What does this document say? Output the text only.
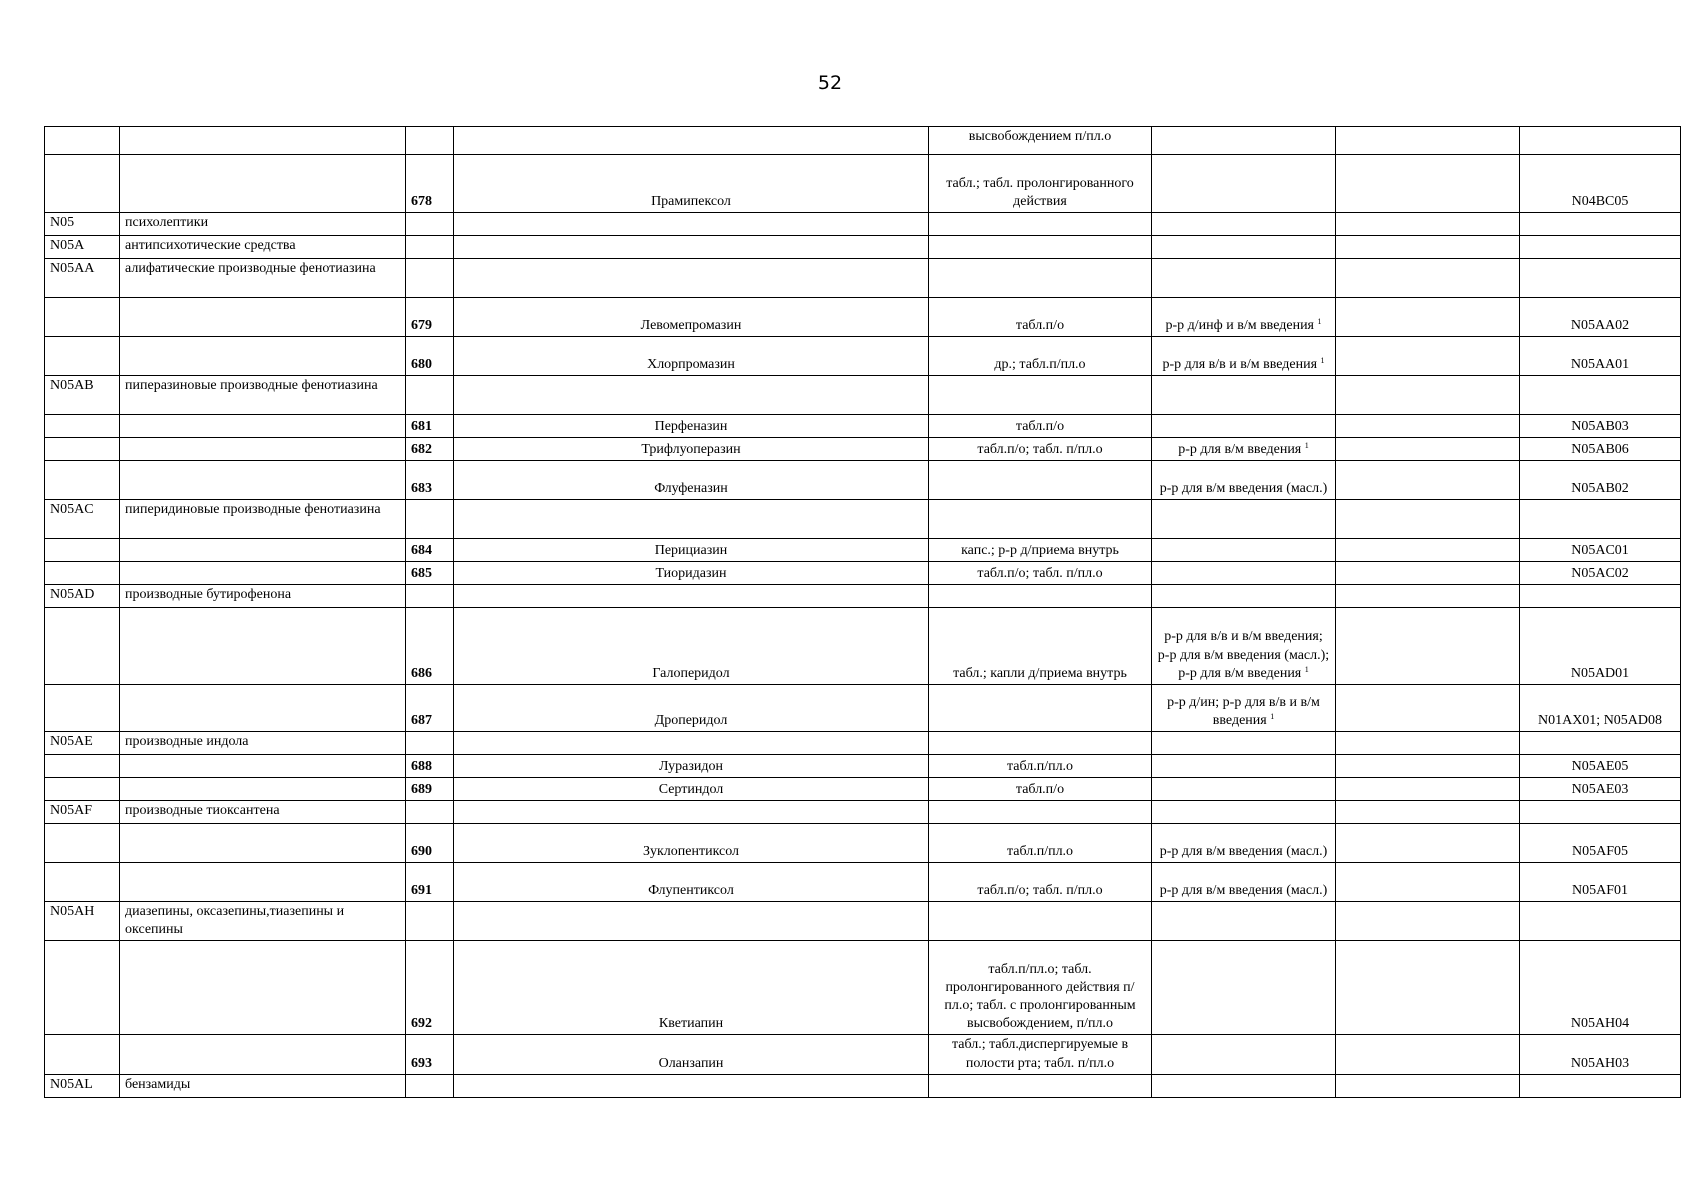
52
				высвобождением п/пл.о			
		678	Прамипексол	табл.; табл. пролонгированного действия			N04BC05
N05	психолептики						
N05A	антипсихотические средства						
N05AA	алифатические производные фенотиазина						
		679	Левомепромазин	табл.п/о	р-р д/инф и в/м введения $^1$		N05AA02
		680	Хлорпромазин	др.; табл.п/пл.о	р-р для в/в и в/м введения $^1$		N05AA01
N05AB	пиперазиновые производные фенотиазина						
		681	Перфеназин	табл.п/о			N05AB03
		682	Трифлуоперазин	табл.п/о; табл. п/пл.о	р-р для в/м введения $^1$		N05AB06
		683	Флуфеназин		р-р для в/м введения (масл.)		N05AB02
N05AC	пиперидиновые производные фенотиазина						
		684	Перициазин	капс.; р-р д/приема внутрь			N05AC01
		685	Тиоридазин	табл.п/о; табл. п/пл.о			N05AC02
N05AD	производные бутирофенона						
		686	Галоперидол	табл.; капли д/приема внутрь	р-р для в/в и в/м введения; р-р для в/м введения (масл.); р-р для в/м введения $^1$		N05AD01
		687	Дроперидол		р-р д/ин; р-р для в/в и в/м введения $^1$		N01AX01; N05AD08
N05AE	производные индола						
		688	Луразидон	табл.п/пл.о			N05AE05
		689	Сертиндол	табл.п/о			N05AE03
N05AF	производные тиоксантена						
		690	Зуклопентиксол	табл.п/пл.о	р-р для в/м введения (масл.)		N05AF05
		691	Флупентиксол	табл.п/о; табл. п/пл.о	р-р для в/м введения (масл.)		N05AF01
N05AH	диазепины, оксазепины,тиазепины и оксепины						
		692	Кветиапин	табл.п/пл.о; табл. пролонгированного действия п/пл.о; табл. с пролонгированным высвобождением, п/пл.о			N05AH04
		693	Оланзапин	табл.; табл.диспергируемые в полости рта; табл. п/пл.о			N05AH03
N05AL	бензамиды						
